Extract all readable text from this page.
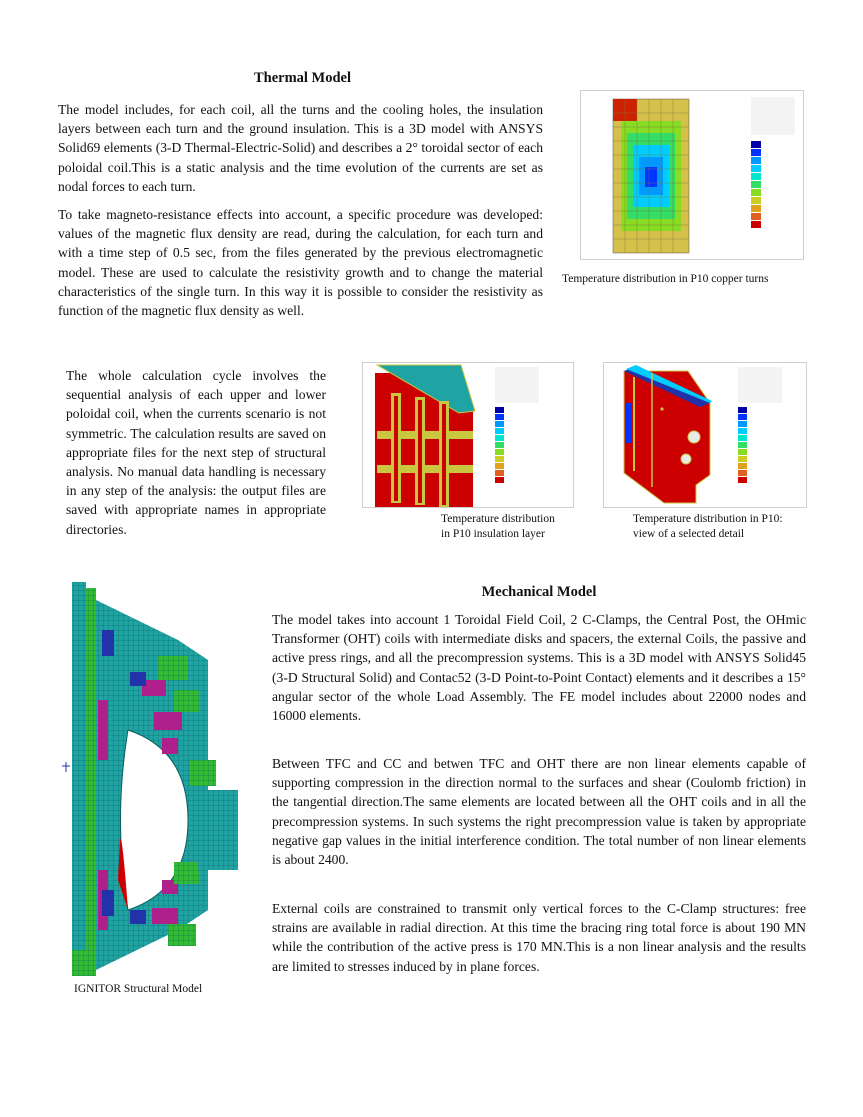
Thermal Model

The model includes, for each coil, all the turns and the cooling holes, the insulation layers between each turn and the ground insulation. This is a 3D model with ANSYS Solid69 elements (3-D Thermal-Electric-Solid) and describes a 2° toroidal sector of each poloidal coil.This is a static analysis and the time evolution of the currents are set as nodal forces to each turn.

To take magneto-resistance effects into account, a specific procedure was developed: values of the magnetic flux density are read, during the calculation, for each turn and with a time step of 0.5 sec, from the files generated by the previous electromagnetic model. These are used to calculate the resistivity growth and to change the material characteristics of the single turn. In this way it is possible to consider the resistivity as function of the magnetic flux density as well.

Temperature distribution in P10 copper turns

The whole calculation cycle involves the sequential analysis of each upper and lower poloidal coil, when the currents scenario is not symmetric. The calculation results are saved on appropriate files for the next step of structural analysis. No manual data handling is necessary in any step of the analysis: the output files are saved with appropriate names in appropriate directories.

Temperature distribution
in P10 insulation layer
Temperature distribution in P10:
view of a selected detail
Mechanical Model
IGNITOR Structural Model

The model takes into account 1 Toroidal Field Coil, 2 C-Clamps, the Central Post, the OHmic Transformer (OHT) coils with intermediate disks and spacers, the external Coils, the passive and active press rings, and all the precompression systems. This is a 3D model with ANSYS Solid45 (3-D Structural Solid) and Contac52 (3-D Point-to-Point Contact) elements and it describes a 15° angular sector of the whole Load Assembly. The FE model includes about 22000 nodes and 16000 elements.

Between TFC and CC and betwen TFC and OHT there are non linear elements capable of supporting compression in the direction normal to the surfaces and shear (Coulomb friction) in the tangential direction.The same elements are located between all the OHT coils and in all the precompression systems. In such systems the right precompression value is taken by appropriate negative gap values in the initial interference condition. The total number of non linear elements is about 2400.

External coils are constrained to transmit only vertical forces to the C-Clamp structures: free strains are available in radial direction. At this time the bracing ring total force is about 190 MN while the contribution of the active press is 170 MN.This is a non linear analysis and the results are limited to stresses induced by in plane forces.
